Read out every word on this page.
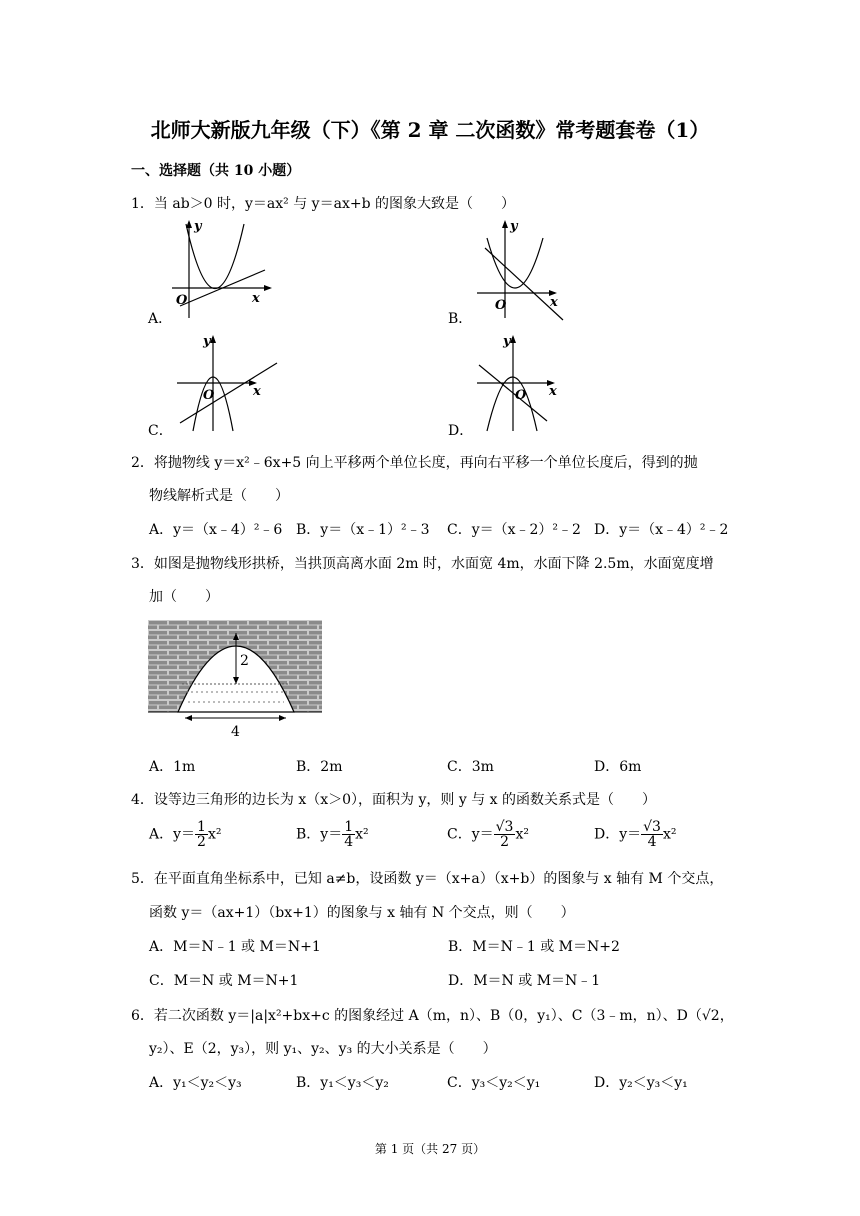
北师大新版九年级（下）《第 2 章 二次函数》常考题套卷（1）
一、选择题（共 10 小题）
1．当 ab＞0 时，y＝ax² 与 y＝ax+b 的图象大致是（　　）
y
O	x
A．
y
O	x
B．
y
O	x
C．
y
O x
D．
2．将抛物线 y＝x²﹣6x+5 向上平移两个单位长度，再向右平移一个单位长度后，得到的抛
物线解析式是（　　）
A．y＝（x﹣4）²﹣6 B．y＝（x﹣1）²﹣3 C．y＝（x﹣2）²﹣2 D．y＝（x﹣4）²﹣2
3．如图是抛物线形拱桥，当拱顶高离水面 2m 时，水面宽 4m，水面下降 2.5m，水面宽度增
加（　　）
2
4
A．1m	B．2m	C．3m	D．6m
4．设等边三角形的边长为 x（x＞0），面积为 y，则 y 与 x 的函数关系式是（　　）
A．$y= \frac{1}{2} x^2$	B．$y= \frac{1}{4} x^2$	C．$y= \frac{√3}{2} x^2$	D．$y= \frac{√3}{4} x^2$
5．在平面直角坐标系中，已知 a≠b，设函数 y＝（x+a）（x+b）的图象与 x 轴有 M 个交点，
函数 y＝（ax+1）（bx+1）的图象与 x 轴有 N 个交点，则（　　）
A．M＝N﹣1 或 M＝N+1	B．M＝N﹣1 或 M＝N+2
C．M＝N 或 M＝N+1	D．M＝N 或 M＝N﹣1
6．若二次函数 y＝|a|x²+bx+c 的图象经过 A（m，n）、B（0，y₁）、C（3﹣m，n）、D（√2，
y₂）、E（2，y₃），则 y₁、y₂、y₃ 的大小关系是（　　）
A．y₁＜y₂＜y₃	B．y₁＜y₃＜y₂	C．y₃＜y₂＜y₁	D．y₂＜y₃＜y₁
第 1 页（共 27 页）
